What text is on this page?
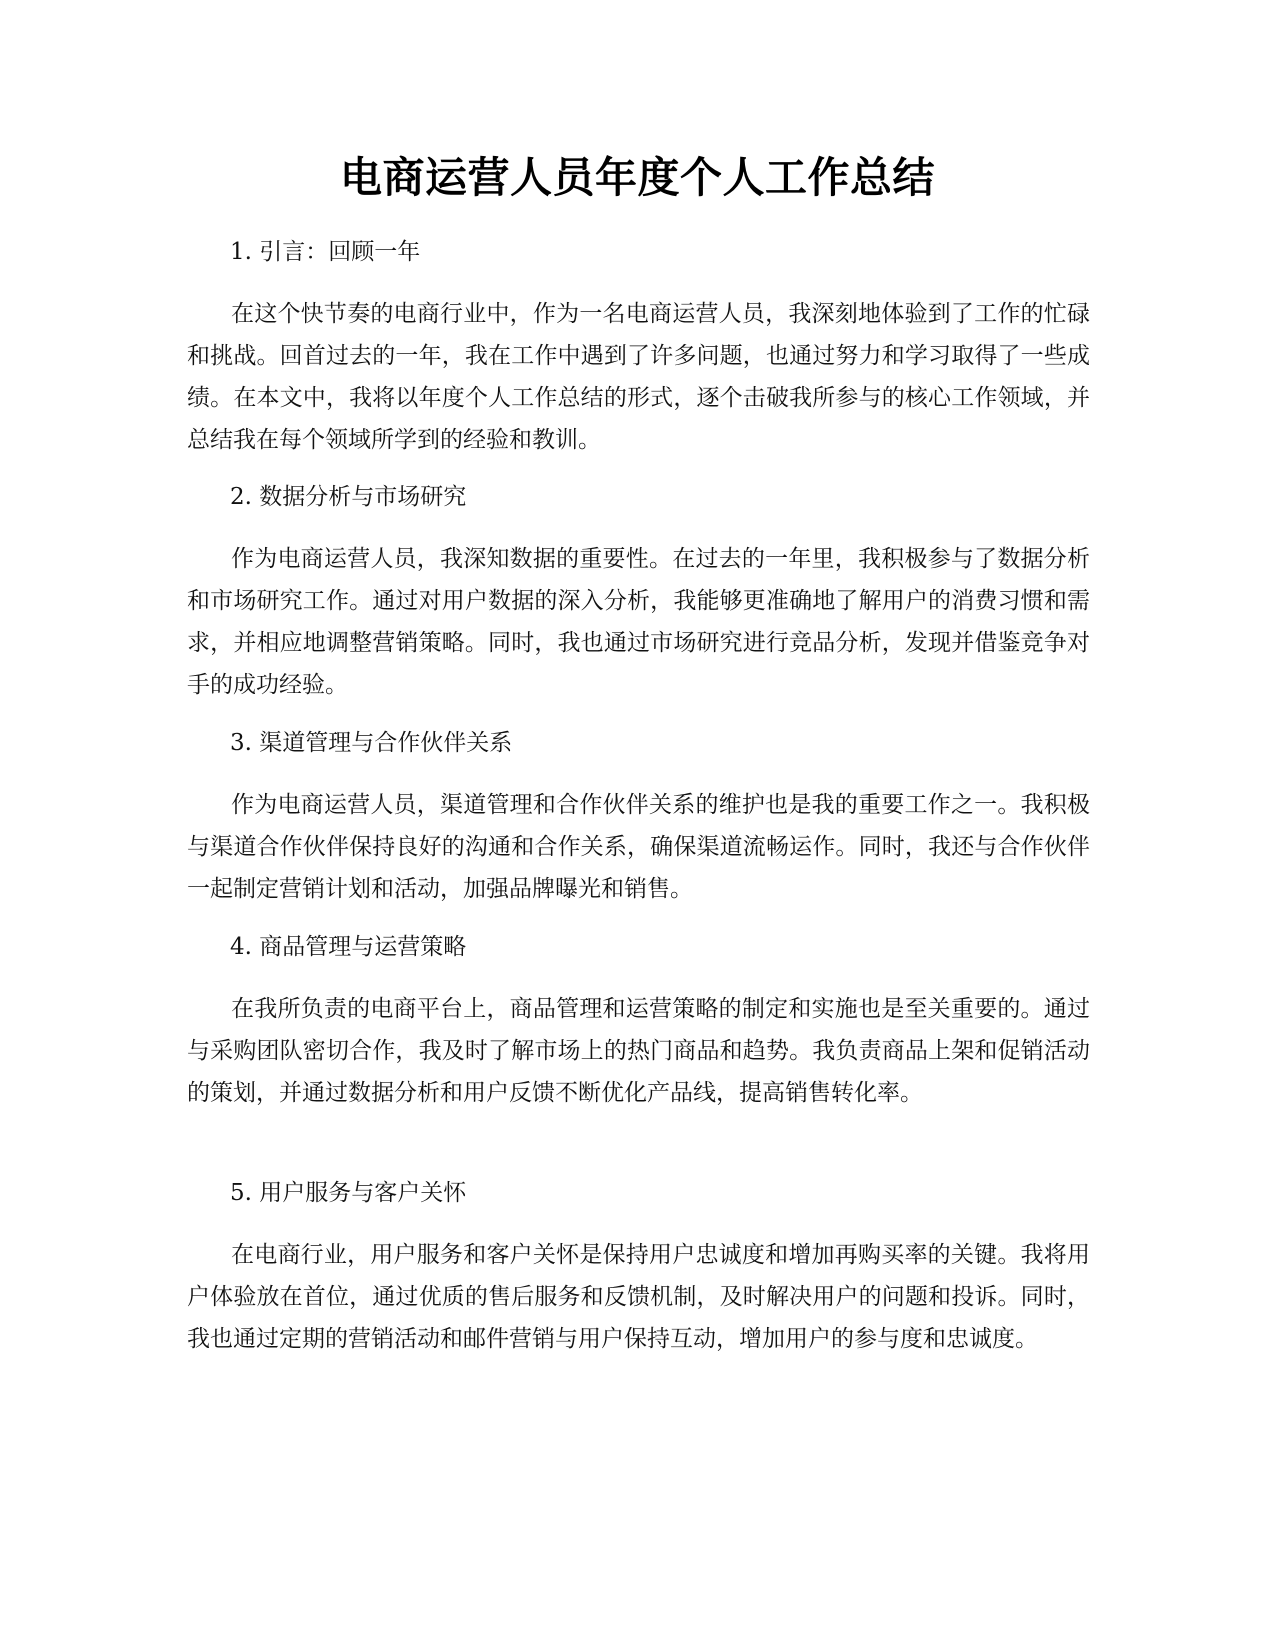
电商运营人员年度个人工作总结
1. 引言：回顾一年

在这个快节奏的电商行业中，作为一名电商运营人员，我深刻地体验到了工作的忙碌和挑战。回首过去的一年，我在工作中遇到了许多问题，也通过努力和学习取得了一些成绩。在本文中，我将以年度个人工作总结的形式，逐个击破我所参与的核心工作领域，并总结我在每个领域所学到的经验和教训。

2. 数据分析与市场研究

作为电商运营人员，我深知数据的重要性。在过去的一年里，我积极参与了数据分析和市场研究工作。通过对用户数据的深入分析，我能够更准确地了解用户的消费习惯和需求，并相应地调整营销策略。同时，我也通过市场研究进行竞品分析，发现并借鉴竞争对手的成功经验。

3. 渠道管理与合作伙伴关系

作为电商运营人员，渠道管理和合作伙伴关系的维护也是我的重要工作之一。我积极与渠道合作伙伴保持良好的沟通和合作关系，确保渠道流畅运作。同时，我还与合作伙伴一起制定营销计划和活动，加强品牌曝光和销售。

4. 商品管理与运营策略

在我所负责的电商平台上，商品管理和运营策略的制定和实施也是至关重要的。通过与采购团队密切合作，我及时了解市场上的热门商品和趋势。我负责商品上架和促销活动的策划，并通过数据分析和用户反馈不断优化产品线，提高销售转化率。

5. 用户服务与客户关怀

在电商行业，用户服务和客户关怀是保持用户忠诚度和增加再购买率的关键。我将用户体验放在首位，通过优质的售后服务和反馈机制，及时解决用户的问题和投诉。同时，我也通过定期的营销活动和邮件营销与用户保持互动，增加用户的参与度和忠诚度。
